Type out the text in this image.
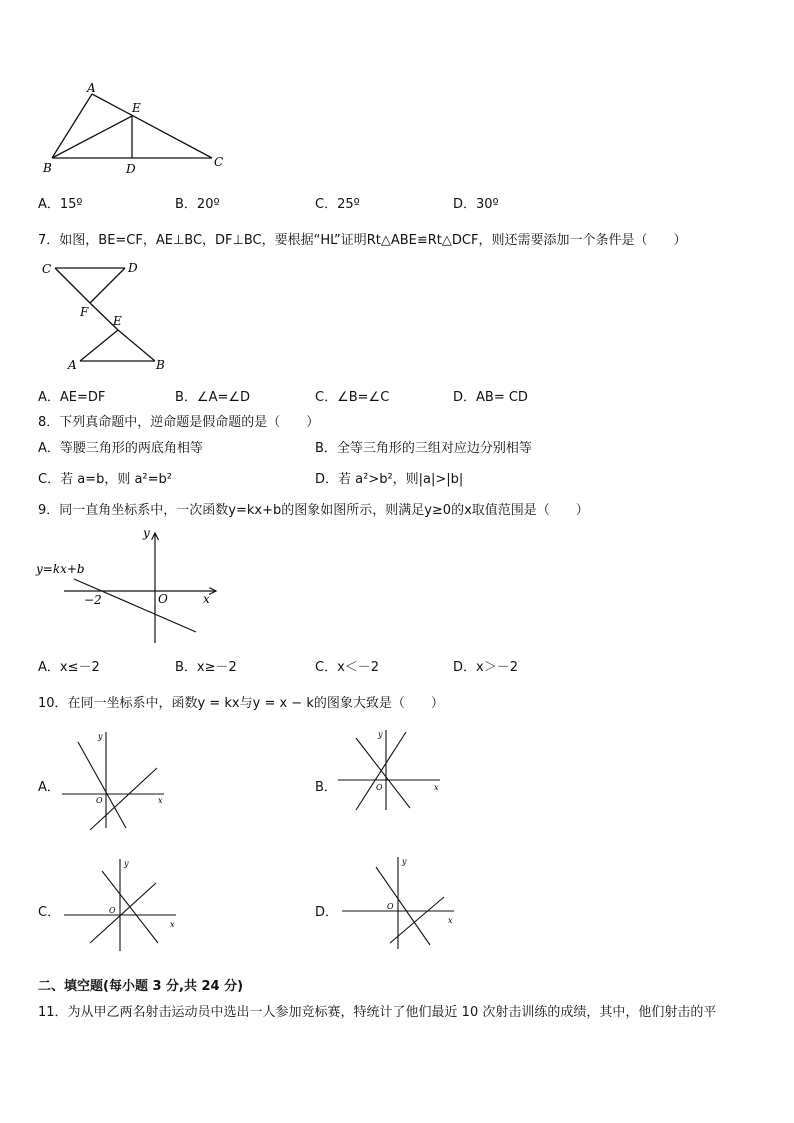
A
E
B	D	C
A．15º	B．20º	C．25º	D．30º
7．如图，BE=CF，AE⊥BC，DF⊥BC，要根据“HL”证明Rt△ABE≌Rt△DCF，则还需要添加一个条件是（　　）
C	D
F
E
A	B
A．AE=DF	B．∠A=∠D	C．∠B=∠C	D．AB= CD
8．下列真命题中，逆命题是假命题的是（　　）
A．等腰三角形的两底角相等	B．全等三角形的三组对应边分别相等
C．若 a=b，则 a²=b²	D．若 a²>b²，则|a|>|b|
9．同一直角坐标系中，一次函数y=kx+b的图象如图所示，则满足y≥0的x取值范围是（　　）
y
x
O
−2
y=kx+b
A．x≤－2	B．x≥－2	C．x＜－2	D．x＞－2
10．在同一坐标系中，函数y = kx与y = x − k的图象大致是（　　）
A．
y
x
O
B．
y
x
O
C．
y
x
O	D．
y
x
O
二、填空题(每小题 3 分,共 24 分)
11．为从甲乙两名射击运动员中选出一人参加竞标赛，特统计了他们最近 10 次射击训练的成绩，其中，他们射击的平
